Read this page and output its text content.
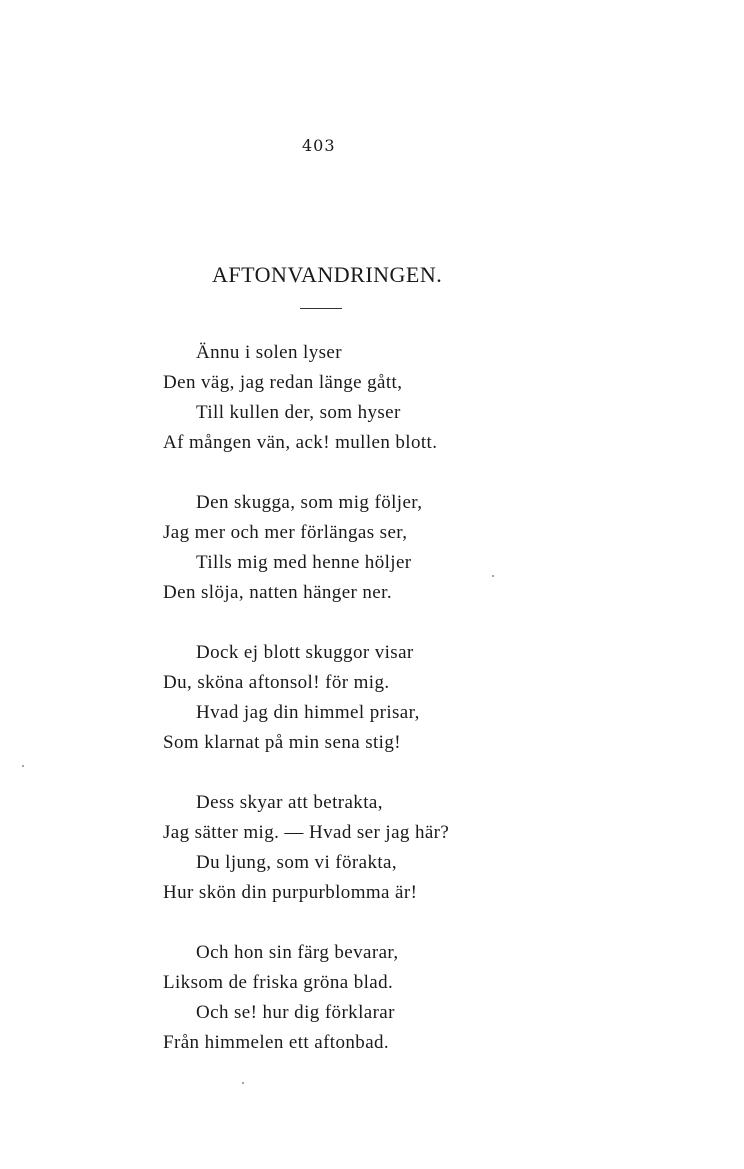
403
AFTONVANDRINGEN.
Ännu i solen lyser
Den väg, jag redan länge gått,
Till kullen der, som hyser
Af mången vän, ack! mullen blott.
Den skugga, som mig följer,
Jag mer och mer förlängas ser,
Tills mig med henne höljer
Den slöja, natten hänger ner.
Dock ej blott skuggor visar
Du, sköna aftonsol! för mig.
Hvad jag din himmel prisar,
Som klarnat på min sena stig!
Dess skyar att betrakta,
Jag sätter mig. — Hvad ser jag här?
Du ljung, som vi förakta,
Hur skön din purpurblomma är!
Och hon sin färg bevarar,
Liksom de friska gröna blad.
Och se! hur dig förklarar
Från himmelen ett aftonbad.
